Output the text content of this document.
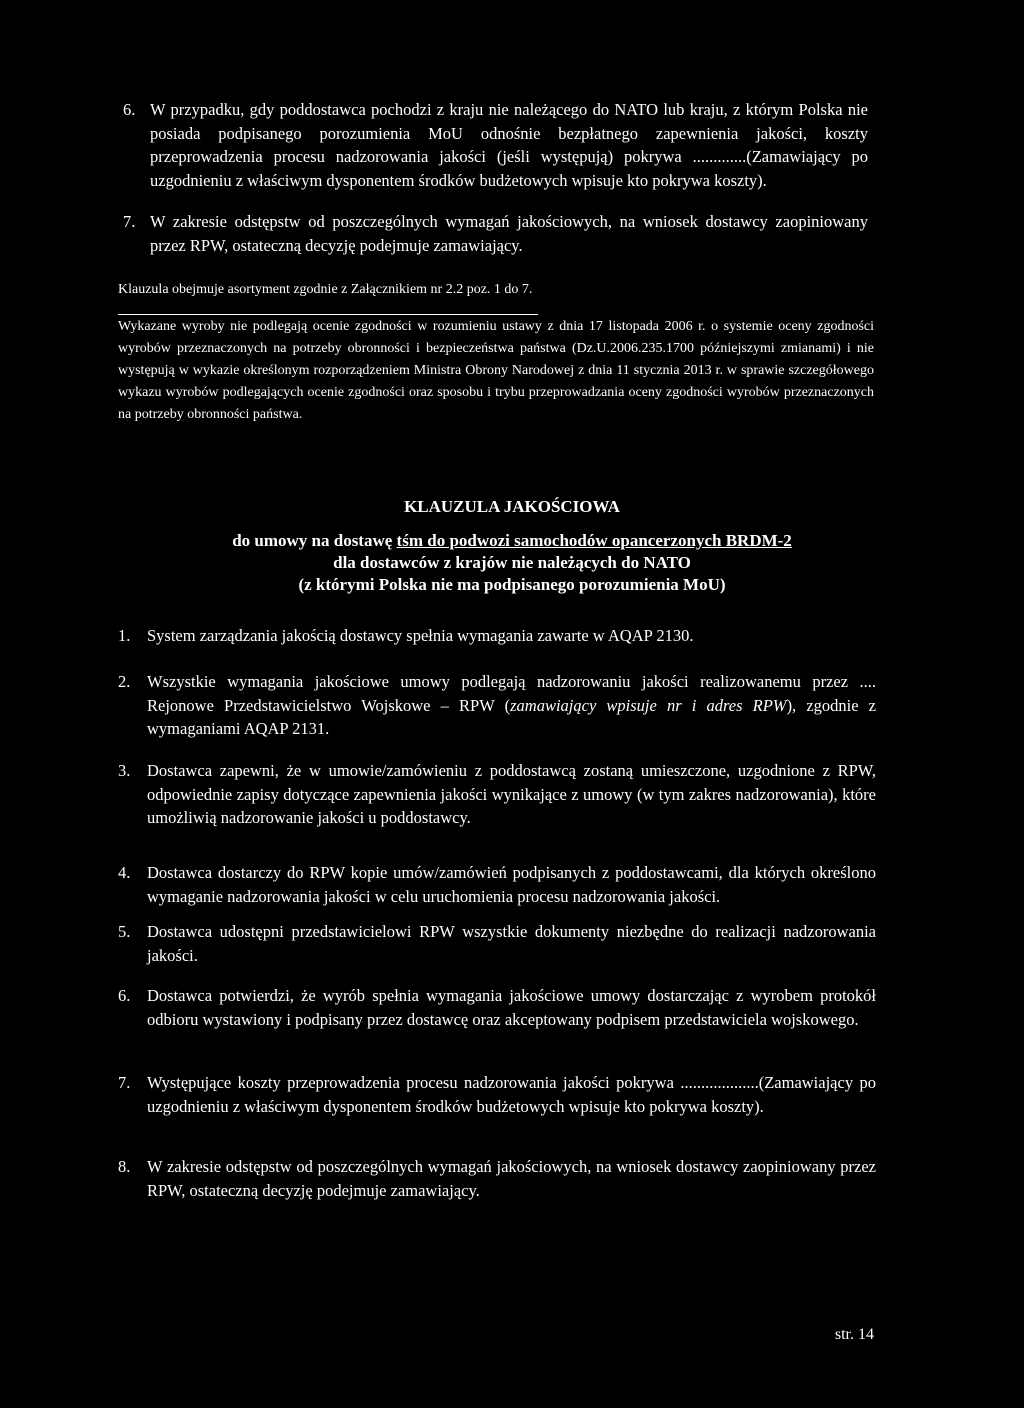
6. W przypadku, gdy poddostawca pochodzi z kraju nie należącego do NATO lub kraju, z którym Polska nie posiada podpisanego porozumienia MoU odnośnie bezpłatnego zapewnienia jakości, koszty przeprowadzenia procesu nadzorowania jakości (jeśli występują) pokrywa .............(Zamawiający po uzgodnieniu z właściwym dysponentem środków budżetowych wpisuje kto pokrywa koszty).
7. W zakresie odstępstw od poszczególnych wymagań jakościowych, na wniosek dostawcy zaopiniowany przez RPW, ostateczną decyzję podejmuje zamawiający.
Klauzula obejmuje asortyment zgodnie z Załącznikiem nr 2.2 poz. 1 do 7.
Wykazane wyroby nie podlegają ocenie zgodności w rozumieniu ustawy z dnia 17 listopada 2006 r. o systemie oceny zgodności wyrobów przeznaczonych na potrzeby obronności i bezpieczeństwa państwa (Dz.U.2006.235.1700 późniejszymi zmianami) i nie występują w wykazie określonym rozporządzeniem Ministra Obrony Narodowej z dnia 11 stycznia 2013 r. w sprawie szczegółowego wykazu wyrobów podlegających ocenie zgodności oraz sposobu i trybu przeprowadzania oceny zgodności wyrobów przeznaczonych na potrzeby obronności państwa.
KLAUZULA JAKOŚCIOWA
do umowy na dostawę tśm do podwozi samochodów opancerzonych BRDM-2
dla dostawców z krajów nie należących do NATO
(z którymi Polska nie ma podpisanego porozumienia MoU)
1.	System zarządzania jakością dostawcy spełnia wymagania zawarte w AQAP 2130.
2.	Wszystkie wymagania jakościowe umowy podlegają nadzorowaniu jakości realizowanemu przez .... Rejonowe Przedstawicielstwo Wojskowe – RPW (zamawiający wpisuje nr i adres RPW), zgodnie z wymaganiami AQAP 2131.
3.	Dostawca zapewni, że w umowie/zamówieniu z poddostawcą zostaną umieszczone, uzgodnione z RPW, odpowiednie zapisy dotyczące zapewnienia jakości wynikające z umowy (w tym zakres nadzorowania), które umożliwią nadzorowanie jakości u poddostawcy.
4.	Dostawca dostarczy do RPW kopie umów/zamówień podpisanych z poddostawcami, dla których określono wymaganie nadzorowania jakości w celu uruchomienia procesu nadzorowania jakości.
5.	Dostawca udostępni przedstawicielowi RPW wszystkie dokumenty niezbędne do realizacji nadzorowania jakości.
6.	Dostawca potwierdzi, że wyrób spełnia wymagania jakościowe umowy dostarczając z wyrobem protokół odbioru wystawiony i podpisany przez dostawcę oraz akceptowany podpisem przedstawiciela wojskowego.
7.	Występujące koszty przeprowadzenia procesu nadzorowania jakości pokrywa ...................(Zamawiający po uzgodnieniu z właściwym dysponentem środków budżetowych wpisuje kto pokrywa koszty).
8.	W zakresie odstępstw od poszczególnych wymagań jakościowych, na wniosek dostawcy zaopiniowany przez RPW, ostateczną decyzję podejmuje zamawiający.
str. 14
